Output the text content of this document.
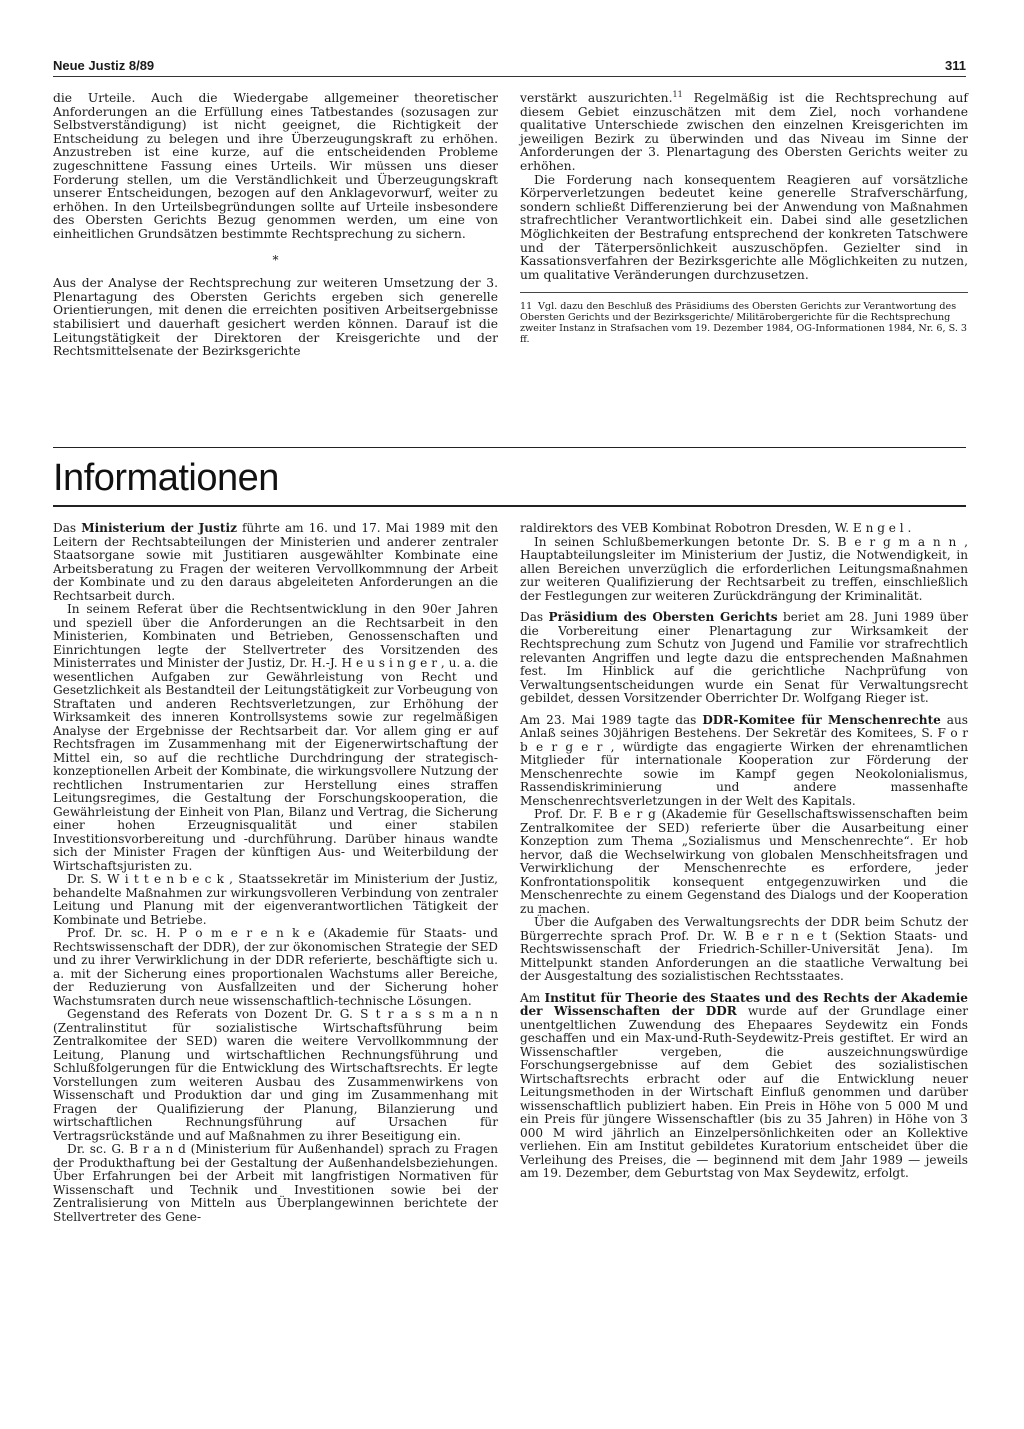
Neue Justiz 8/89	311

die Urteile. Auch die Wiedergabe allgemeiner theoretischer Anforderungen an die Erfüllung eines Tatbestandes (sozusagen zur Selbstverständigung) ist nicht geeignet, die Richtigkeit der Entscheidung zu belegen und ihre Überzeugungskraft zu erhöhen. Anzustreben ist eine kurze, auf die entscheidenden Probleme zugeschnittene Fassung eines Urteils. Wir müssen uns dieser Forderung stellen, um die Verständlichkeit und Überzeugungskraft unserer Entscheidungen, bezogen auf den Anklagevorwurf, weiter zu erhöhen. In den Urteilsbegründungen sollte auf Urteile insbesondere des Obersten Gerichts Bezug genommen werden, um eine von einheitlichen Grundsätzen bestimmte Rechtsprechung zu sichern.

*

Aus der Analyse der Rechtsprechung zur weiteren Umsetzung der 3. Plenartagung des Obersten Gerichts ergeben sich generelle Orientierungen, mit denen die erreichten positiven Arbeitsergebnisse stabilisiert und dauerhaft gesichert werden können. Darauf ist die Leitungstätigkeit der Direktoren der Kreisgerichte und der Rechtsmittelsenate der Bezirksgerichte

verstärkt auszurichten.$^{11}$ Regelmäßig ist die Rechtsprechung auf diesem Gebiet einzuschätzen mit dem Ziel, noch vorhandene qualitative Unterschiede zwischen den einzelnen Kreisgerichten im jeweiligen Bezirk zu überwinden und das Niveau im Sinne der Anforderungen der 3. Plenartagung des Obersten Gerichts weiter zu erhöhen.

Die Forderung nach konsequentem Reagieren auf vorsätzliche Körperverletzungen bedeutet keine generelle Strafverschärfung, sondern schließt Differenzierung bei der Anwendung von Maßnahmen strafrechtlicher Verantwortlichkeit ein. Dabei sind alle gesetzlichen Möglichkeiten der Bestrafung entsprechend der konkreten Tatschwere und der Täterpersönlichkeit auszuschöpfen. Gezielter sind in Kassationsverfahren der Bezirksgerichte alle Möglichkeiten zu nutzen, um qualitative Veränderungen durchzusetzen.

11 Vgl. dazu den Beschluß des Präsidiums des Obersten Gerichts zur Verantwortung des Obersten Gerichts und der Bezirksgerichte/ Militärobergerichte für die Rechtsprechung zweiter Instanz in Strafsachen vom 19. Dezember 1984, OG-Informationen 1984, Nr. 6, S. 3 ff.
Informationen

Das Ministerium der Justiz führte am 16. und 17. Mai 1989 mit den Leitern der Rechtsabteilungen der Ministerien und anderer zentraler Staatsorgane sowie mit Justitiaren ausgewählter Kombinate eine Arbeitsberatung zu Fragen der weiteren Vervollkommnung der Arbeit der Kombinate und zu den daraus abgeleiteten Anforderungen an die Rechtsarbeit durch.

In seinem Referat über die Rechtsentwicklung in den 90er Jahren und speziell über die Anforderungen an die Rechtsarbeit in den Ministerien, Kombinaten und Betrieben, Genossenschaften und Einrichtungen legte der Stellvertreter des Vorsitzenden des Ministerrates und Minister der Justiz, Dr. H.-J. H e u s i n g e r , u. a. die wesentlichen Aufgaben zur Gewährleistung von Recht und Gesetzlichkeit als Bestandteil der Leitungstätigkeit zur Vorbeugung von Straftaten und anderen Rechtsverletzungen, zur Erhöhung der Wirksamkeit des inneren Kontrollsystems sowie zur regelmäßigen Analyse der Ergebnisse der Rechtsarbeit dar. Vor allem ging er auf Rechtsfragen im Zusammenhang mit der Eigenerwirtschaftung der Mittel ein, so auf die rechtliche Durchdringung der strategisch-konzeptionellen Arbeit der Kombinate, die wirkungsvollere Nutzung der rechtlichen Instrumentarien zur Herstellung eines straffen Leitungsregimes, die Gestaltung der Forschungskooperation, die Gewährleistung der Einheit von Plan, Bilanz und Vertrag, die Sicherung einer hohen Erzeugnisqualität und einer stabilen Investitionsvorbereitung und -durchführung. Darüber hinaus wandte sich der Minister Fragen der künftigen Aus- und Weiterbildung der Wirtschaftsjuristen zu.

Dr. S. W i t t e n b e c k , Staatssekretär im Ministerium der Justiz, behandelte Maßnahmen zur wirkungsvolleren Verbindung von zentraler Leitung und Planung mit der eigenverantwortlichen Tätigkeit der Kombinate und Betriebe.

Prof. Dr. sc. H. P o m e r e n k e (Akademie für Staats- und Rechtswissenschaft der DDR), der zur ökonomischen Strategie der SED und zu ihrer Verwirklichung in der DDR referierte, beschäftigte sich u. a. mit der Sicherung eines proportionalen Wachstums aller Bereiche, der Reduzierung von Ausfallzeiten und der Sicherung hoher Wachstumsraten durch neue wissenschaftlich-technische Lösungen.

Gegenstand des Referats von Dozent Dr. G. S t r a s s m a n n (Zentralinstitut für sozialistische Wirtschaftsführung beim Zentralkomitee der SED) waren die weitere Vervollkommnung der Leitung, Planung und wirtschaftlichen Rechnungsführung und Schlußfolgerungen für die Entwicklung des Wirtschaftsrechts. Er legte Vorstellungen zum weiteren Ausbau des Zusammenwirkens von Wissenschaft und Produktion dar und ging im Zusammenhang mit Fragen der Qualifizierung der Planung, Bilanzierung und wirtschaftlichen Rechnungsführung auf Ursachen für Vertragsrückstände und auf Maßnahmen zu ihrer Beseitigung ein.

Dr. sc. G. B r a n d (Ministerium für Außenhandel) sprach zu Fragen der Produkthaftung bei der Gestaltung der Außenhandelsbeziehungen. Über Erfahrungen bei der Arbeit mit langfristigen Normativen für Wissenschaft und Technik und Investitionen sowie bei der Zentralisierung von Mitteln aus Überplangewinnen berichtete der Stellvertreter des Gene-

raldirektors des VEB Kombinat Robotron Dresden, W. E n g e l .

In seinen Schlußbemerkungen betonte Dr. S. B e r g m a n n , Hauptabteilungsleiter im Ministerium der Justiz, die Notwendigkeit, in allen Bereichen unverzüglich die erforderlichen Leitungsmaßnahmen zur weiteren Qualifizierung der Rechtsarbeit zu treffen, einschließlich der Festlegungen zur weiteren Zurückdrängung der Kriminalität.

Das Präsidium des Obersten Gerichts beriet am 28. Juni 1989 über die Vorbereitung einer Plenartagung zur Wirksamkeit der Rechtsprechung zum Schutz von Jugend und Familie vor strafrechtlich relevanten Angriffen und legte dazu die entsprechenden Maßnahmen fest. Im Hinblick auf die gerichtliche Nachprüfung von Verwaltungsentscheidungen wurde ein Senat für Verwaltungsrecht gebildet, dessen Vorsitzender Oberrichter Dr. Wolfgang Rieger ist.

Am 23. Mai 1989 tagte das DDR-Komitee für Menschenrechte aus Anlaß seines 30jährigen Bestehens. Der Sekretär des Komitees, S. F o r b e r g e r , würdigte das engagierte Wirken der ehrenamtlichen Mitglieder für internationale Kooperation zur Förderung der Menschenrechte sowie im Kampf gegen Neokolonialismus, Rassendiskriminierung und andere massenhafte Menschenrechtsverletzungen in der Welt des Kapitals.

Prof. Dr. F. B e r g (Akademie für Gesellschaftswissenschaften beim Zentralkomitee der SED) referierte über die Ausarbeitung einer Konzeption zum Thema „Sozialismus und Menschenrechte“. Er hob hervor, daß die Wechselwirkung von globalen Menschheitsfragen und Verwirklichung der Menschenrechte es erfordere, jeder Konfrontationspolitik konsequent entgegenzuwirken und die Menschenrechte zu einem Gegenstand des Dialogs und der Kooperation zu machen.

Über die Aufgaben des Verwaltungsrechts der DDR beim Schutz der Bürgerrechte sprach Prof. Dr. W. B e r n e t (Sektion Staats- und Rechtswissenschaft der Friedrich-Schiller-Universität Jena). Im Mittelpunkt standen Anforderungen an die staatliche Verwaltung bei der Ausgestaltung des sozialistischen Rechtsstaates.

Am Institut für Theorie des Staates und des Rechts der Akademie der Wissenschaften der DDR wurde auf der Grundlage einer unentgeltlichen Zuwendung des Ehepaares Seydewitz ein Fonds geschaffen und ein Max-und-Ruth-Seydewitz-Preis gestiftet. Er wird an Wissenschaftler vergeben, die auszeichnungswürdige Forschungsergebnisse auf dem Gebiet des sozialistischen Wirtschaftsrechts erbracht oder auf die Entwicklung neuer Leitungsmethoden in der Wirtschaft Einfluß genommen und darüber wissenschaftlich publiziert haben. Ein Preis in Höhe von 5 000 M und ein Preis für jüngere Wissenschaftler (bis zu 35 Jahren) in Höhe von 3 000 M wird jährlich an Einzelpersönlichkeiten oder an Kollektive verliehen. Ein am Institut gebildetes Kuratorium entscheidet über die Verleihung des Preises, die — beginnend mit dem Jahr 1989 — jeweils am 19. Dezember, dem Geburtstag von Max Seydewitz, erfolgt.
